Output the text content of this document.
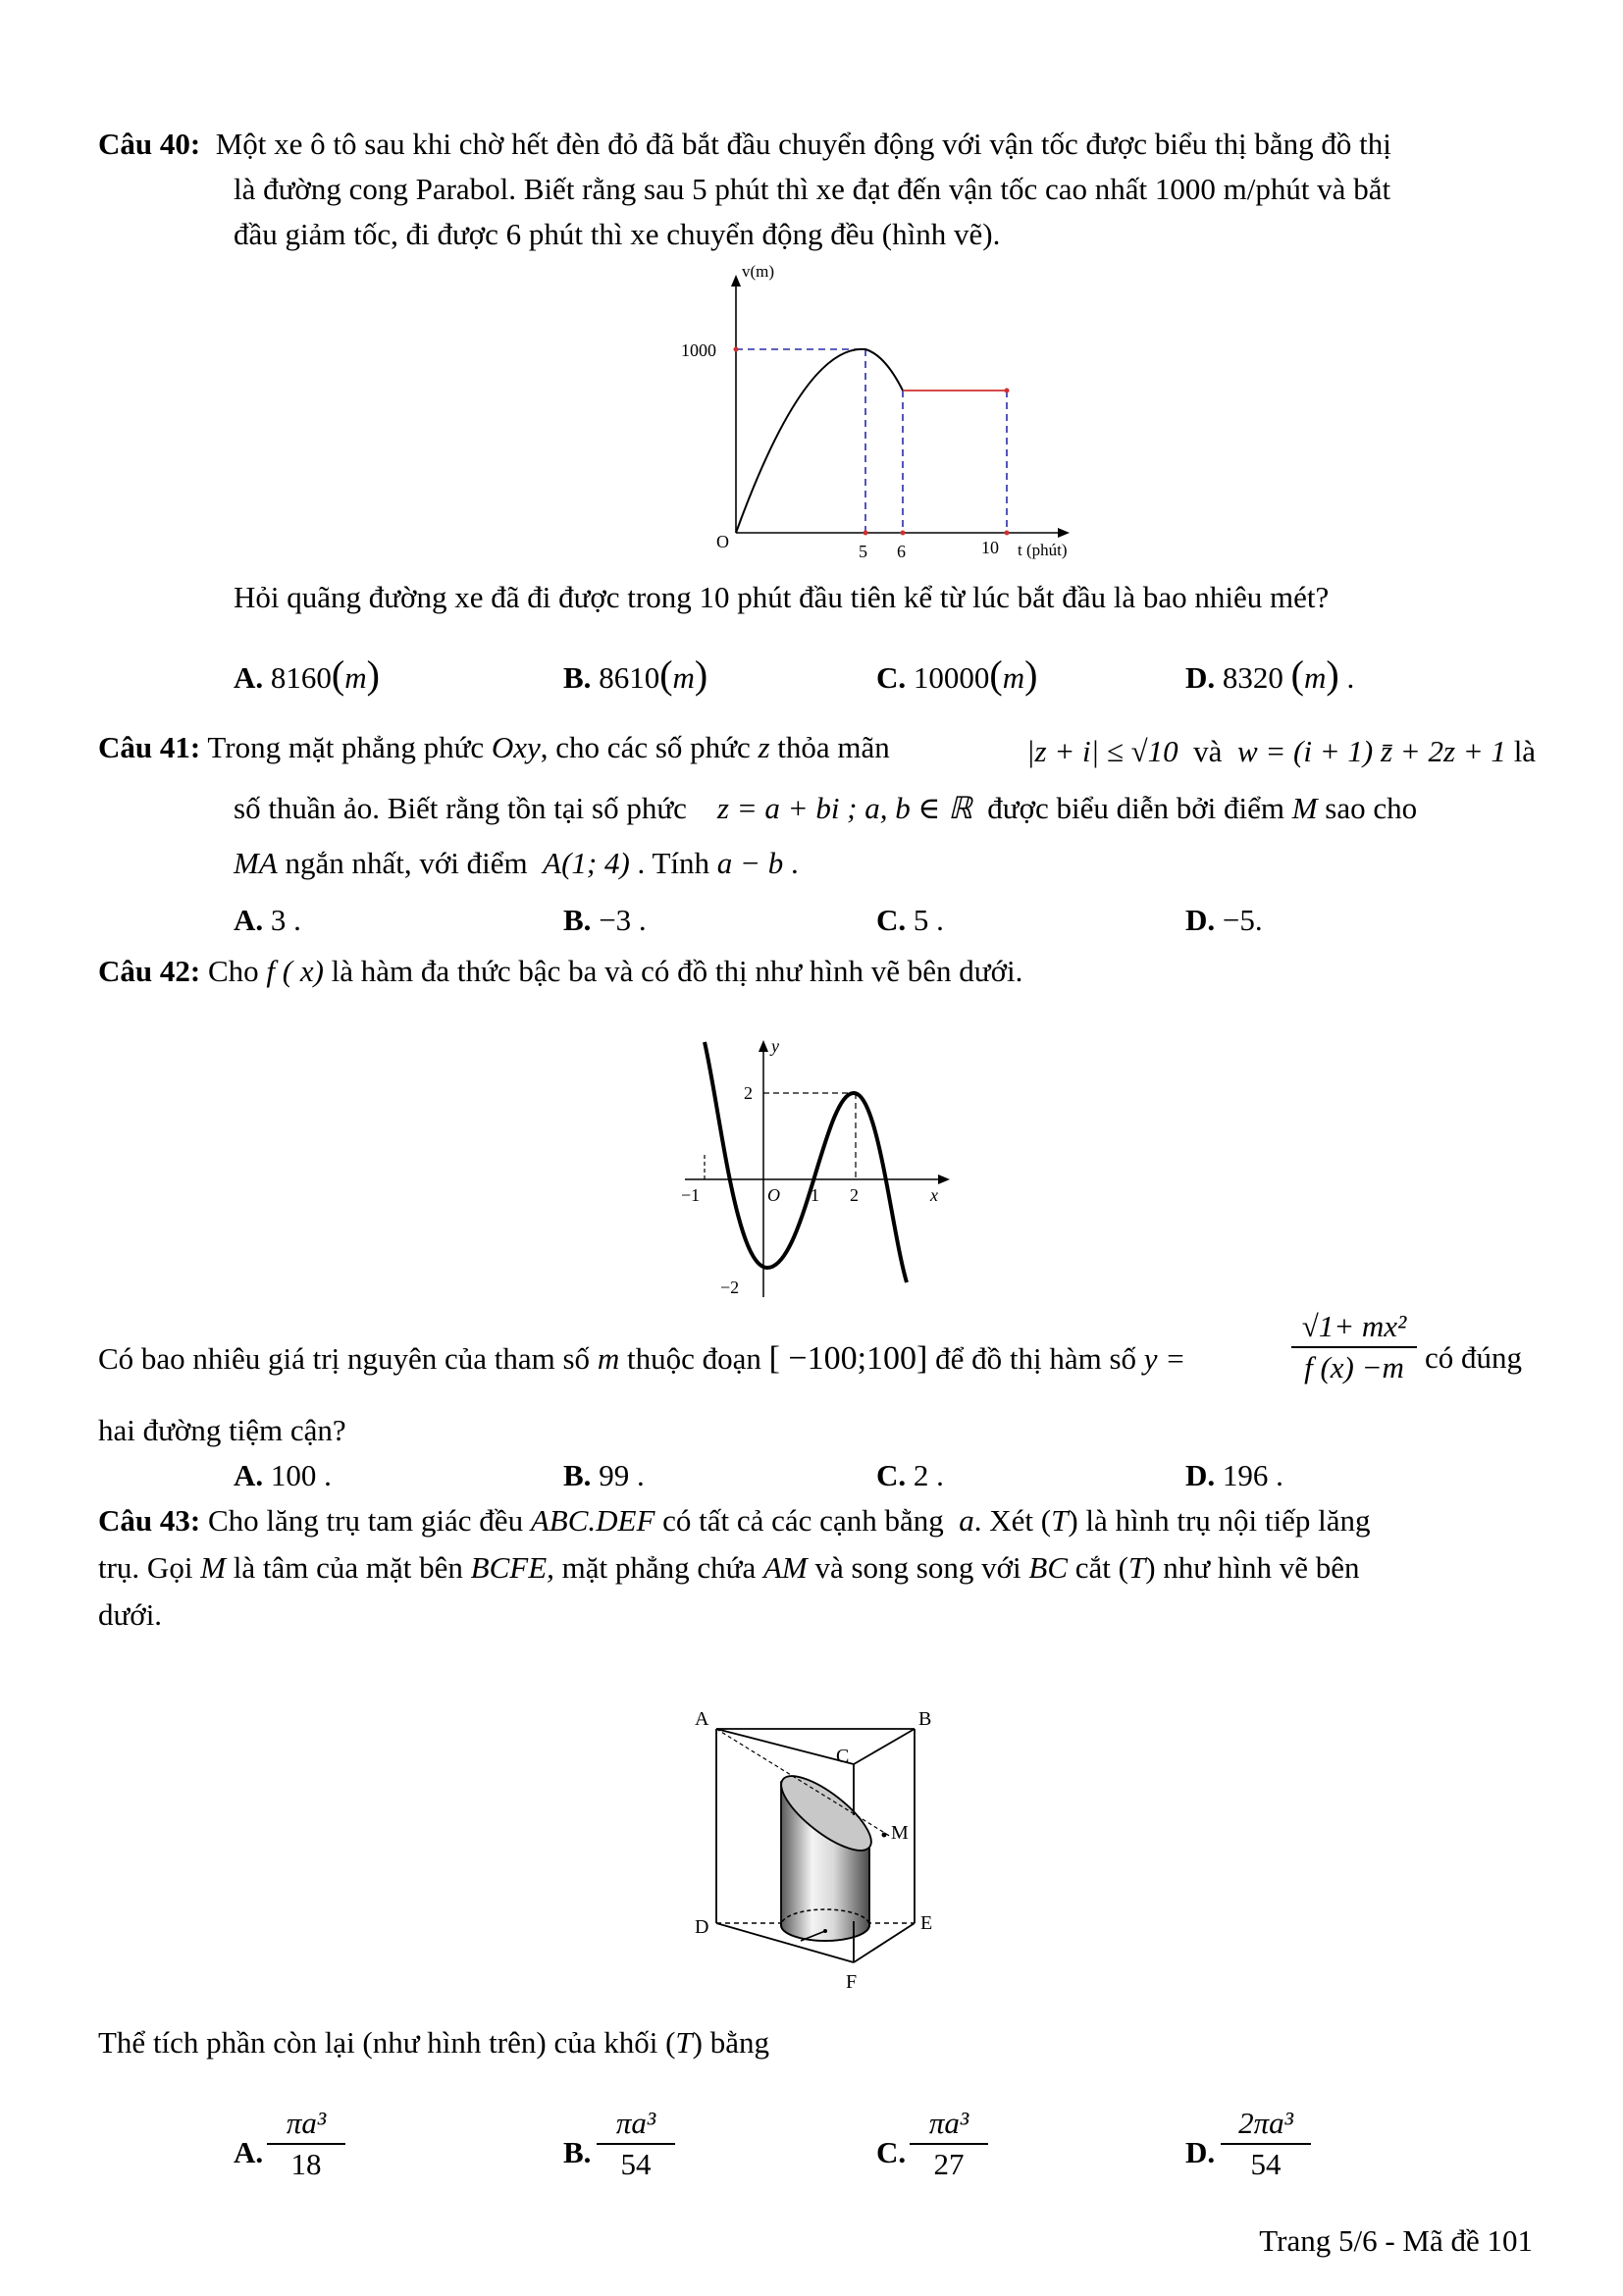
Câu 40: Một xe ô tô sau khi chờ hết đèn đỏ đã bắt đầu chuyển động với vận tốc được biểu thị bằng đồ thị
là đường cong Parabol. Biết rằng sau 5 phút thì xe đạt đến vận tốc cao nhất 1000 m/phút và bắt
đầu giảm tốc, đi được 6 phút thì xe chuyển động đều (hình vẽ).
v(m)
1000
O	5 6	10 t (phút)
Hỏi quãng đường xe đã đi được trong 10 phút đầu tiên kể từ lúc bắt đầu là bao nhiêu mét?
A. 8160(m)	B. 8610(m)	C. 10000(m)	D. 8320 (m) .
Câu 41: Trong mặt phẳng phức Oxy, cho các số phức z thỏa mãn	|z + i| ≤ √10 và w = (i + 1) z̄ + 2z + 1 là
số thuần ảo. Biết rằng tồn tại số phức z = a + bi ; a, b ∈ ℝ được biểu diễn bởi điểm M sao cho
MA ngắn nhất, với điểm A(1; 4) . Tính a − b .
A. 3 .	B. −3 .	C. 5 .	D. −5.
Câu 42: Cho f ( x) là hàm đa thức bậc ba và có đồ thị như hình vẽ bên dưới.
y
x
O
2
−2
−1	1 2
Có bao nhiêu giá trị nguyên của tham số m thuộc đoạn [ −100;100] để đồ thị hàm số y =
√1+ mx²
f (x) −m có đúng
hai đường tiệm cận?
A. 100 .	B. 99 .	C. 2 .	D. 196 .
Câu 43: Cho lăng trụ tam giác đều ABC.DEF có tất cả các cạnh bằng a. Xét (T) là hình trụ nội tiếp lăng
trụ. Gọi M là tâm của mặt bên BCFE, mặt phẳng chứa AM và song song với BC cắt (T) như hình vẽ bên
dưới.
A	B
C
M
D	E
F
Thể tích phần còn lại (như hình trên) của khối (T) bằng
A.
πa³
18	B.
πa³
54	C.
πa³
27	D.
2πa³
54
Trang 5/6 - Mã đề 101
